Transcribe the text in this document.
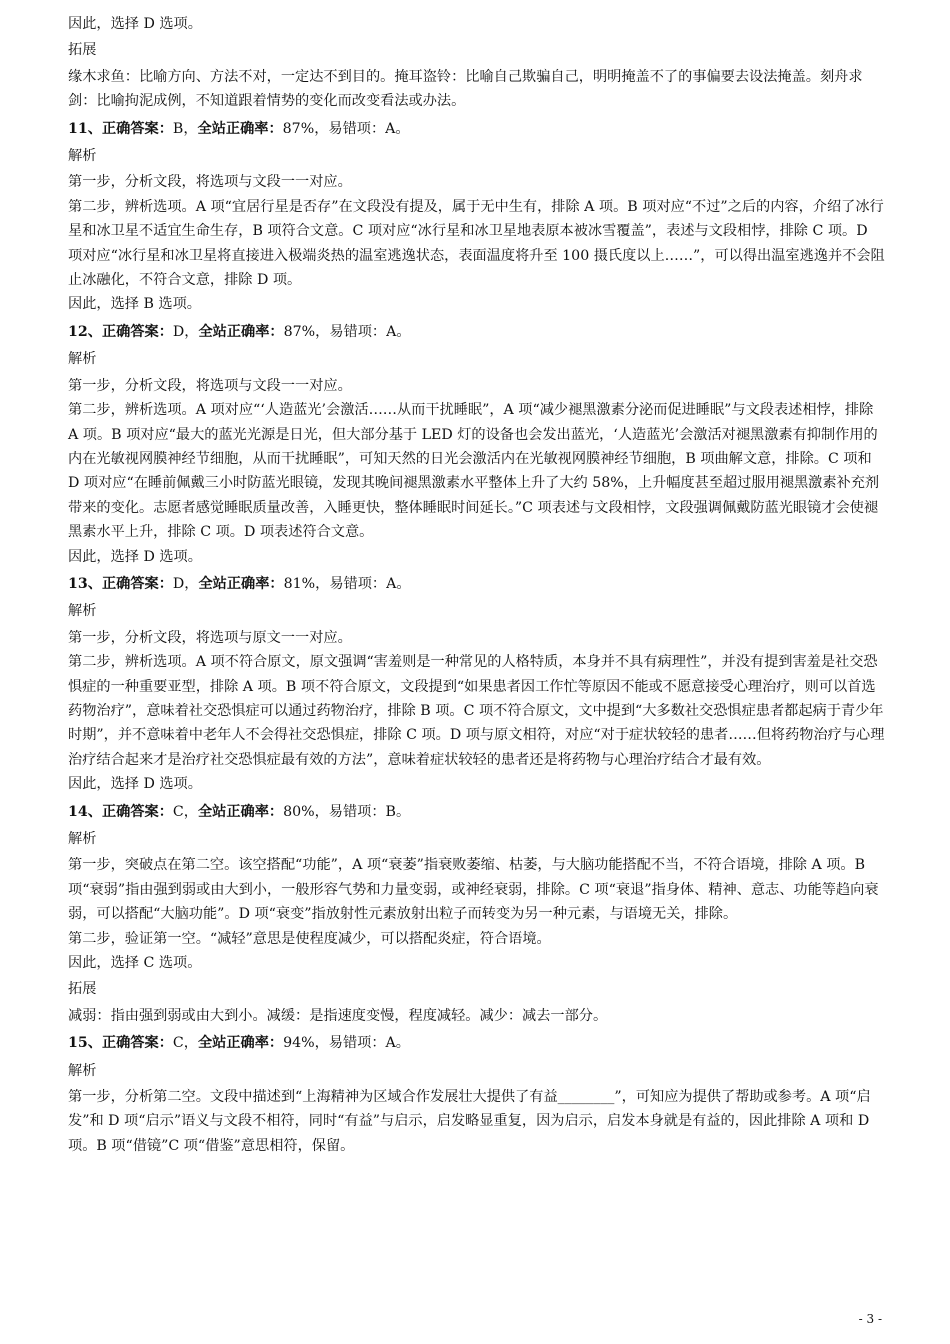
因此，选择 D 选项。

拓展

缘木求鱼：比喻方向、方法不对，一定达不到目的。掩耳盗铃：比喻自己欺骗自己，明明掩盖不了的事偏要去设法掩盖。刻舟求剑：比喻拘泥成例，不知道跟着情势的变化而改变看法或办法。

11、正确答案：B，全站正确率：87%，易错项：A。

解析

第一步，分析文段，将选项与文段一一对应。

第二步，辨析选项。A 项“宜居行星是否存”在文段没有提及，属于无中生有，排除 A 项。B 项对应“不过”之后的内容，介绍了冰行星和冰卫星不适宜生命生存，B 项符合文意。C 项对应“冰行星和冰卫星地表原本被冰雪覆盖”，表述与文段相悖，排除 C 项。D 项对应“冰行星和冰卫星将直接进入极端炎热的温室逃逸状态，表面温度将升至 100 摄氏度以上……”，可以得出温室逃逸并不会阻止冰融化，不符合文意，排除 D 项。

因此，选择 B 选项。

12、正确答案：D，全站正确率：87%，易错项：A。

解析

第一步，分析文段，将选项与文段一一对应。

第二步，辨析选项。A 项对应“‘人造蓝光’会激活……从而干扰睡眠”，A 项“减少褪黑激素分泌而促进睡眠”与文段表述相悖，排除 A 项。B 项对应“最大的蓝光光源是日光，但大部分基于 LED 灯的设备也会发出蓝光，‘人造蓝光’会激活对褪黑激素有抑制作用的内在光敏视网膜神经节细胞，从而干扰睡眠”，可知天然的日光会激活内在光敏视网膜神经节细胞，B 项曲解文意，排除。C 项和 D 项对应“在睡前佩戴三小时防蓝光眼镜，发现其晚间褪黑激素水平整体上升了大约 58%，上升幅度甚至超过服用褪黑激素补充剂带来的变化。志愿者感觉睡眠质量改善，入睡更快，整体睡眠时间延长。”C 项表述与文段相悖，文段强调佩戴防蓝光眼镜才会使褪黑素水平上升，排除 C 项。D 项表述符合文意。

因此，选择 D 选项。

13、正确答案：D，全站正确率：81%，易错项：A。

解析

第一步，分析文段，将选项与原文一一对应。

第二步，辨析选项。A 项不符合原文，原文强调“害羞则是一种常见的人格特质，本身并不具有病理性”，并没有提到害羞是社交恐惧症的一种重要亚型，排除 A 项。B 项不符合原文，文段提到“如果患者因工作忙等原因不能或不愿意接受心理治疗，则可以首选药物治疗”，意味着社交恐惧症可以通过药物治疗，排除 B 项。C 项不符合原文，文中提到“大多数社交恐惧症患者都起病于青少年时期”，并不意味着中老年人不会得社交恐惧症，排除 C 项。D 项与原文相符，对应“对于症状较轻的患者……但将药物治疗与心理治疗结合起来才是治疗社交恐惧症最有效的方法”，意味着症状较轻的患者还是将药物与心理治疗结合才最有效。

因此，选择 D 选项。

14、正确答案：C，全站正确率：80%，易错项：B。

解析

第一步，突破点在第二空。该空搭配“功能”，A 项“衰萎”指衰败萎缩、枯萎，与大脑功能搭配不当，不符合语境，排除 A 项。B 项“衰弱”指由强到弱或由大到小，一般形容气势和力量变弱，或神经衰弱，排除。C 项“衰退”指身体、精神、意志、功能等趋向衰弱，可以搭配“大脑功能”。D 项“衰变”指放射性元素放射出粒子而转变为另一种元素，与语境无关，排除。

第二步，验证第一空。“减轻”意思是使程度减少，可以搭配炎症，符合语境。

因此，选择 C 选项。

拓展

减弱：指由强到弱或由大到小。减缓：是指速度变慢，程度减轻。减少：减去一部分。

15、正确答案：C，全站正确率：94%，易错项：A。

解析

第一步，分析第二空。文段中描述到“上海精神为区域合作发展壮大提供了有益________”，可知应为提供了帮助或参考。A 项“启发”和 D 项“启示”语义与文段不相符，同时“有益”与启示，启发略显重复，因为启示，启发本身就是有益的，因此排除 A 项和 D 项。B 项“借镜”C 项“借鉴”意思相符，保留。

- 3 -
